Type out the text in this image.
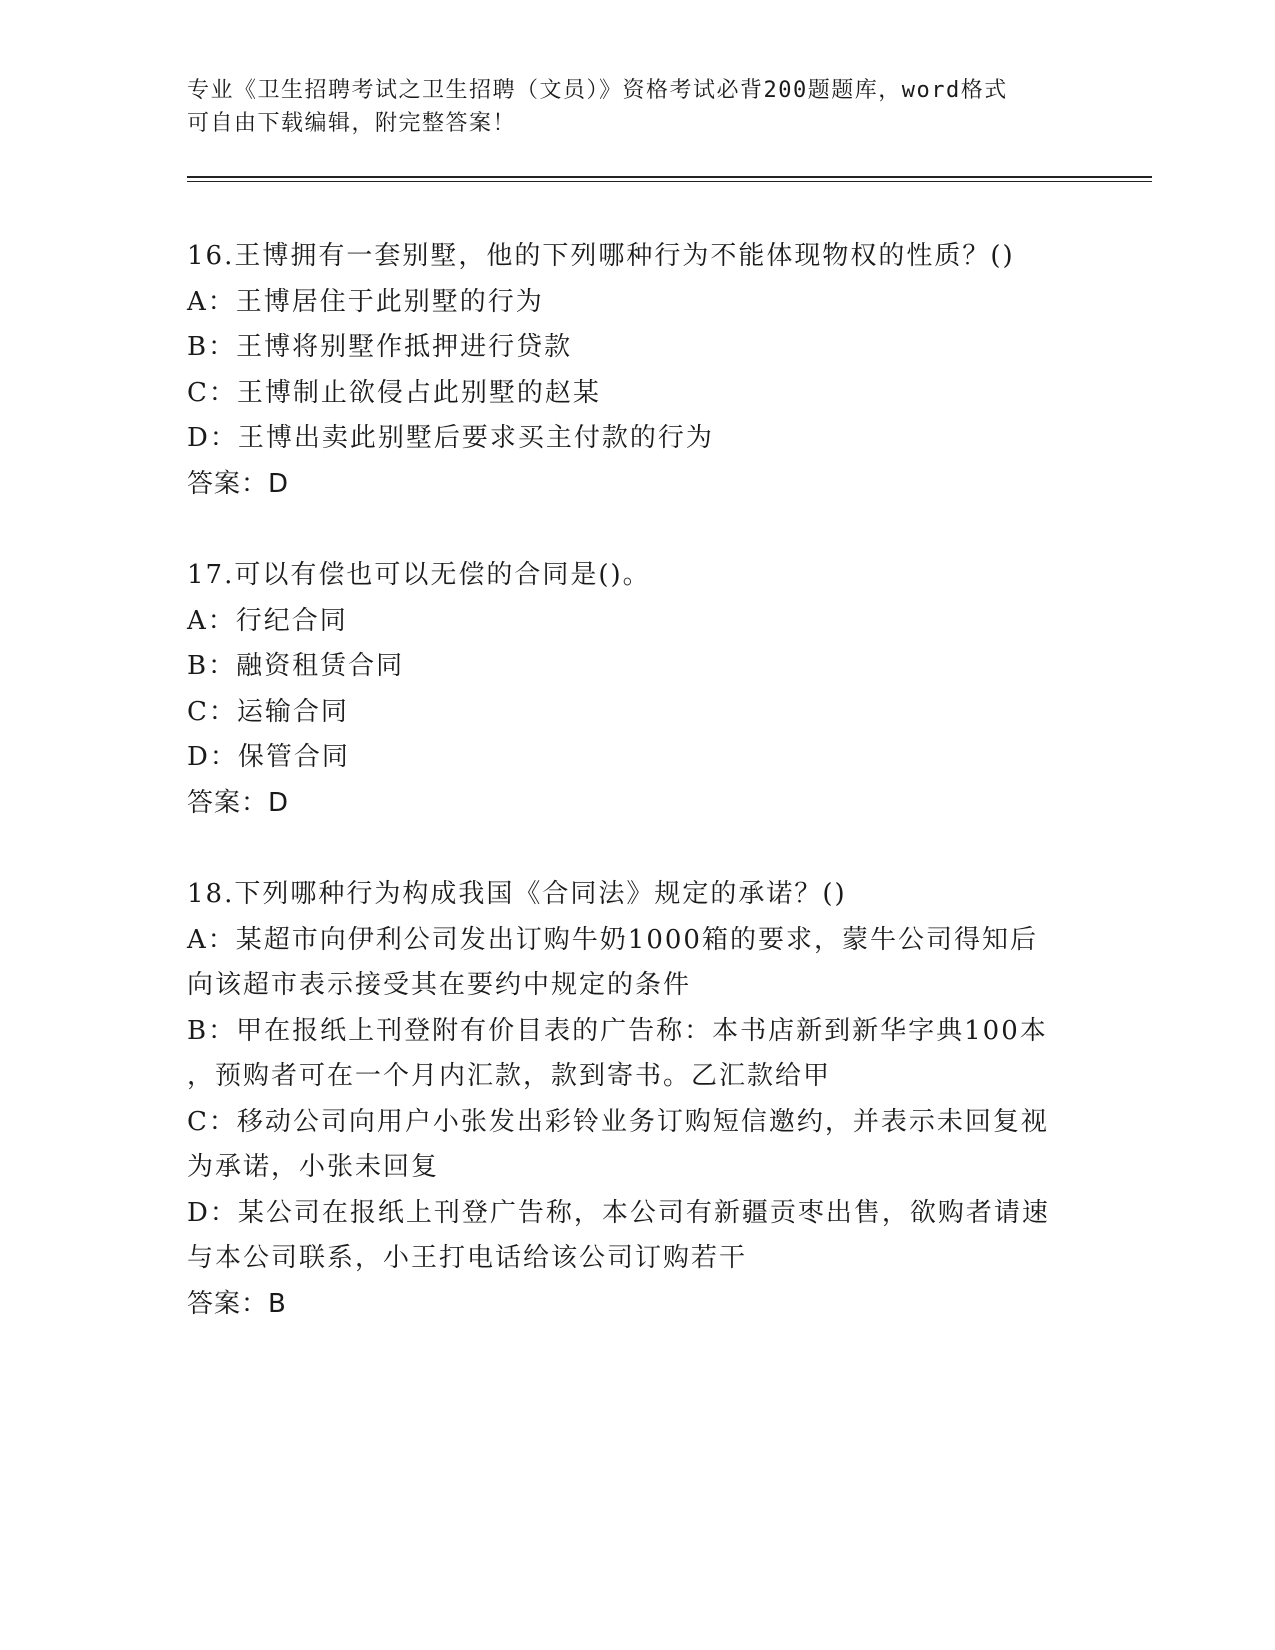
专业《卫生招聘考试之卫生招聘（文员）》资格考试必背200题题库，word格式
可自由下载编辑，附完整答案！
16.王博拥有一套别墅，他的下列哪种行为不能体现物权的性质？()
A：王博居住于此别墅的行为
B：王博将别墅作抵押进行贷款
C：王博制止欲侵占此别墅的赵某
D：王博出卖此别墅后要求买主付款的行为
答案：D
17.可以有偿也可以无偿的合同是()。
A：行纪合同
B：融资租赁合同
C：运输合同
D：保管合同
答案：D
18.下列哪种行为构成我国《合同法》规定的承诺？()
A：某超市向伊利公司发出订购牛奶1000箱的要求，蒙牛公司得知后
向该超市表示接受其在要约中规定的条件
B：甲在报纸上刊登附有价目表的广告称：本书店新到新华字典100本
，预购者可在一个月内汇款，款到寄书。乙汇款给甲
C：移动公司向用户小张发出彩铃业务订购短信邀约，并表示未回复视
为承诺，小张未回复
D：某公司在报纸上刊登广告称，本公司有新疆贡枣出售，欲购者请速
与本公司联系，小王打电话给该公司订购若干
答案：B
